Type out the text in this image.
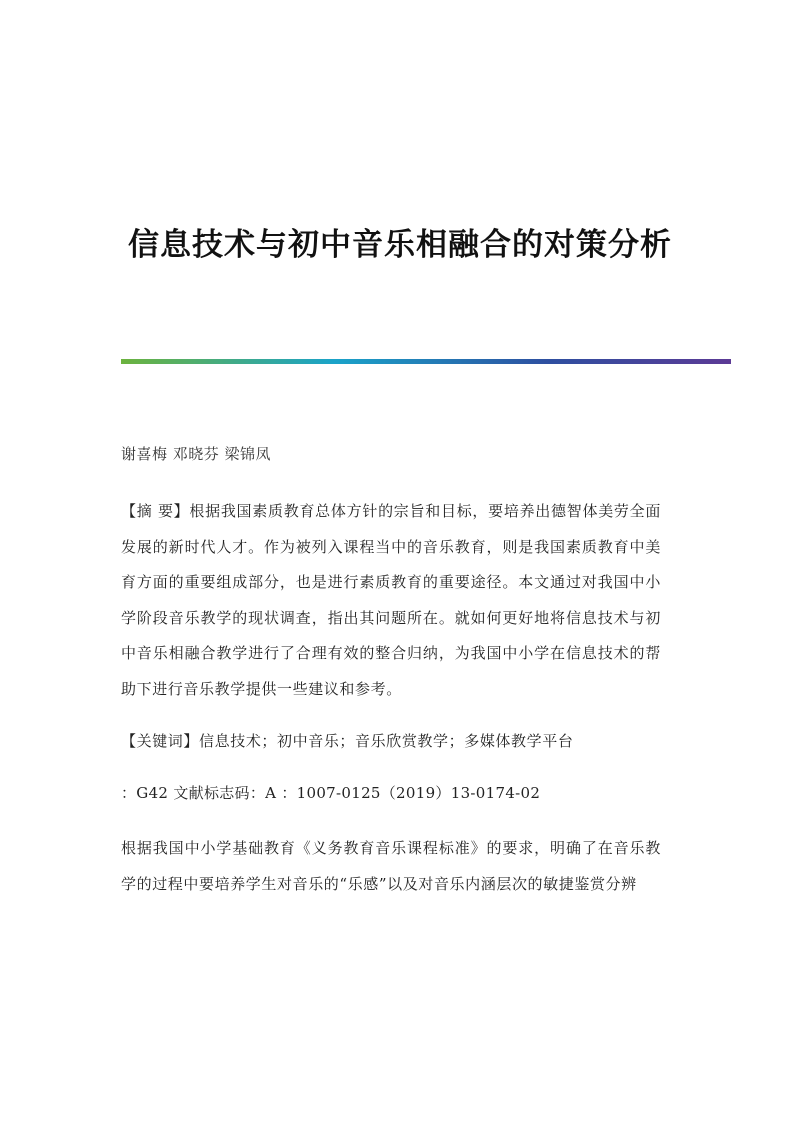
信息技术与初中音乐相融合的对策分析

谢喜梅 邓晓芬 梁锦凤

【摘 要】根据我国素质教育总体方针的宗旨和目标，要培养出德智体美劳全面发展的新时代人才。作为被列入课程当中的音乐教育，则是我国素质教育中美育方面的重要组成部分，也是进行素质教育的重要途径。本文通过对我国中小学阶段音乐教学的现状调查，指出其问题所在。就如何更好地将信息技术与初中音乐相融合教学进行了合理有效的整合归纳，为我国中小学在信息技术的帮助下进行音乐教学提供一些建议和参考。

【关键词】信息技术；初中音乐；音乐欣赏教学；多媒体教学平台

：G42 文献标志码：A ：1007-0125（2019）13-0174-02

根据我国中小学基础教育《义务教育音乐课程标准》的要求，明确了在音乐教学的过程中要培养学生对音乐的“乐感”以及对音乐内涵层次的敏捷鉴赏分辨
